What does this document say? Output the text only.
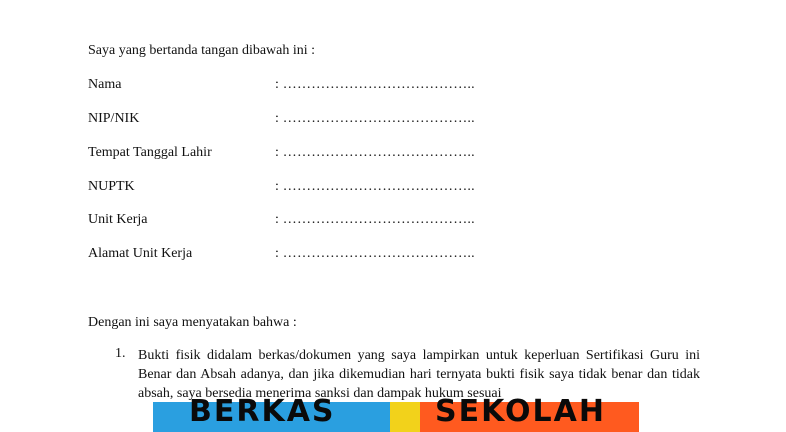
Saya yang bertanda tangan dibawah ini :
Nama	: …………………………………..
NIP/NIK	: …………………………………..
Tempat Tanggal Lahir	: …………………………………..
NUPTK	: …………………………………..
Unit Kerja	: …………………………………..
Alamat Unit Kerja	: …………………………………..
Dengan ini saya menyatakan bahwa :
1. Bukti fisik didalam berkas/dokumen yang saya lampirkan untuk keperluan Sertifikasi Guru ini Benar dan Absah adanya, dan jika dikemudian hari ternyata bukti fisik saya tidak benar dan tidak absah, saya bersedia menerima sanksi dan dampak hukum sesuai
BERKAS	SEKOLAH
